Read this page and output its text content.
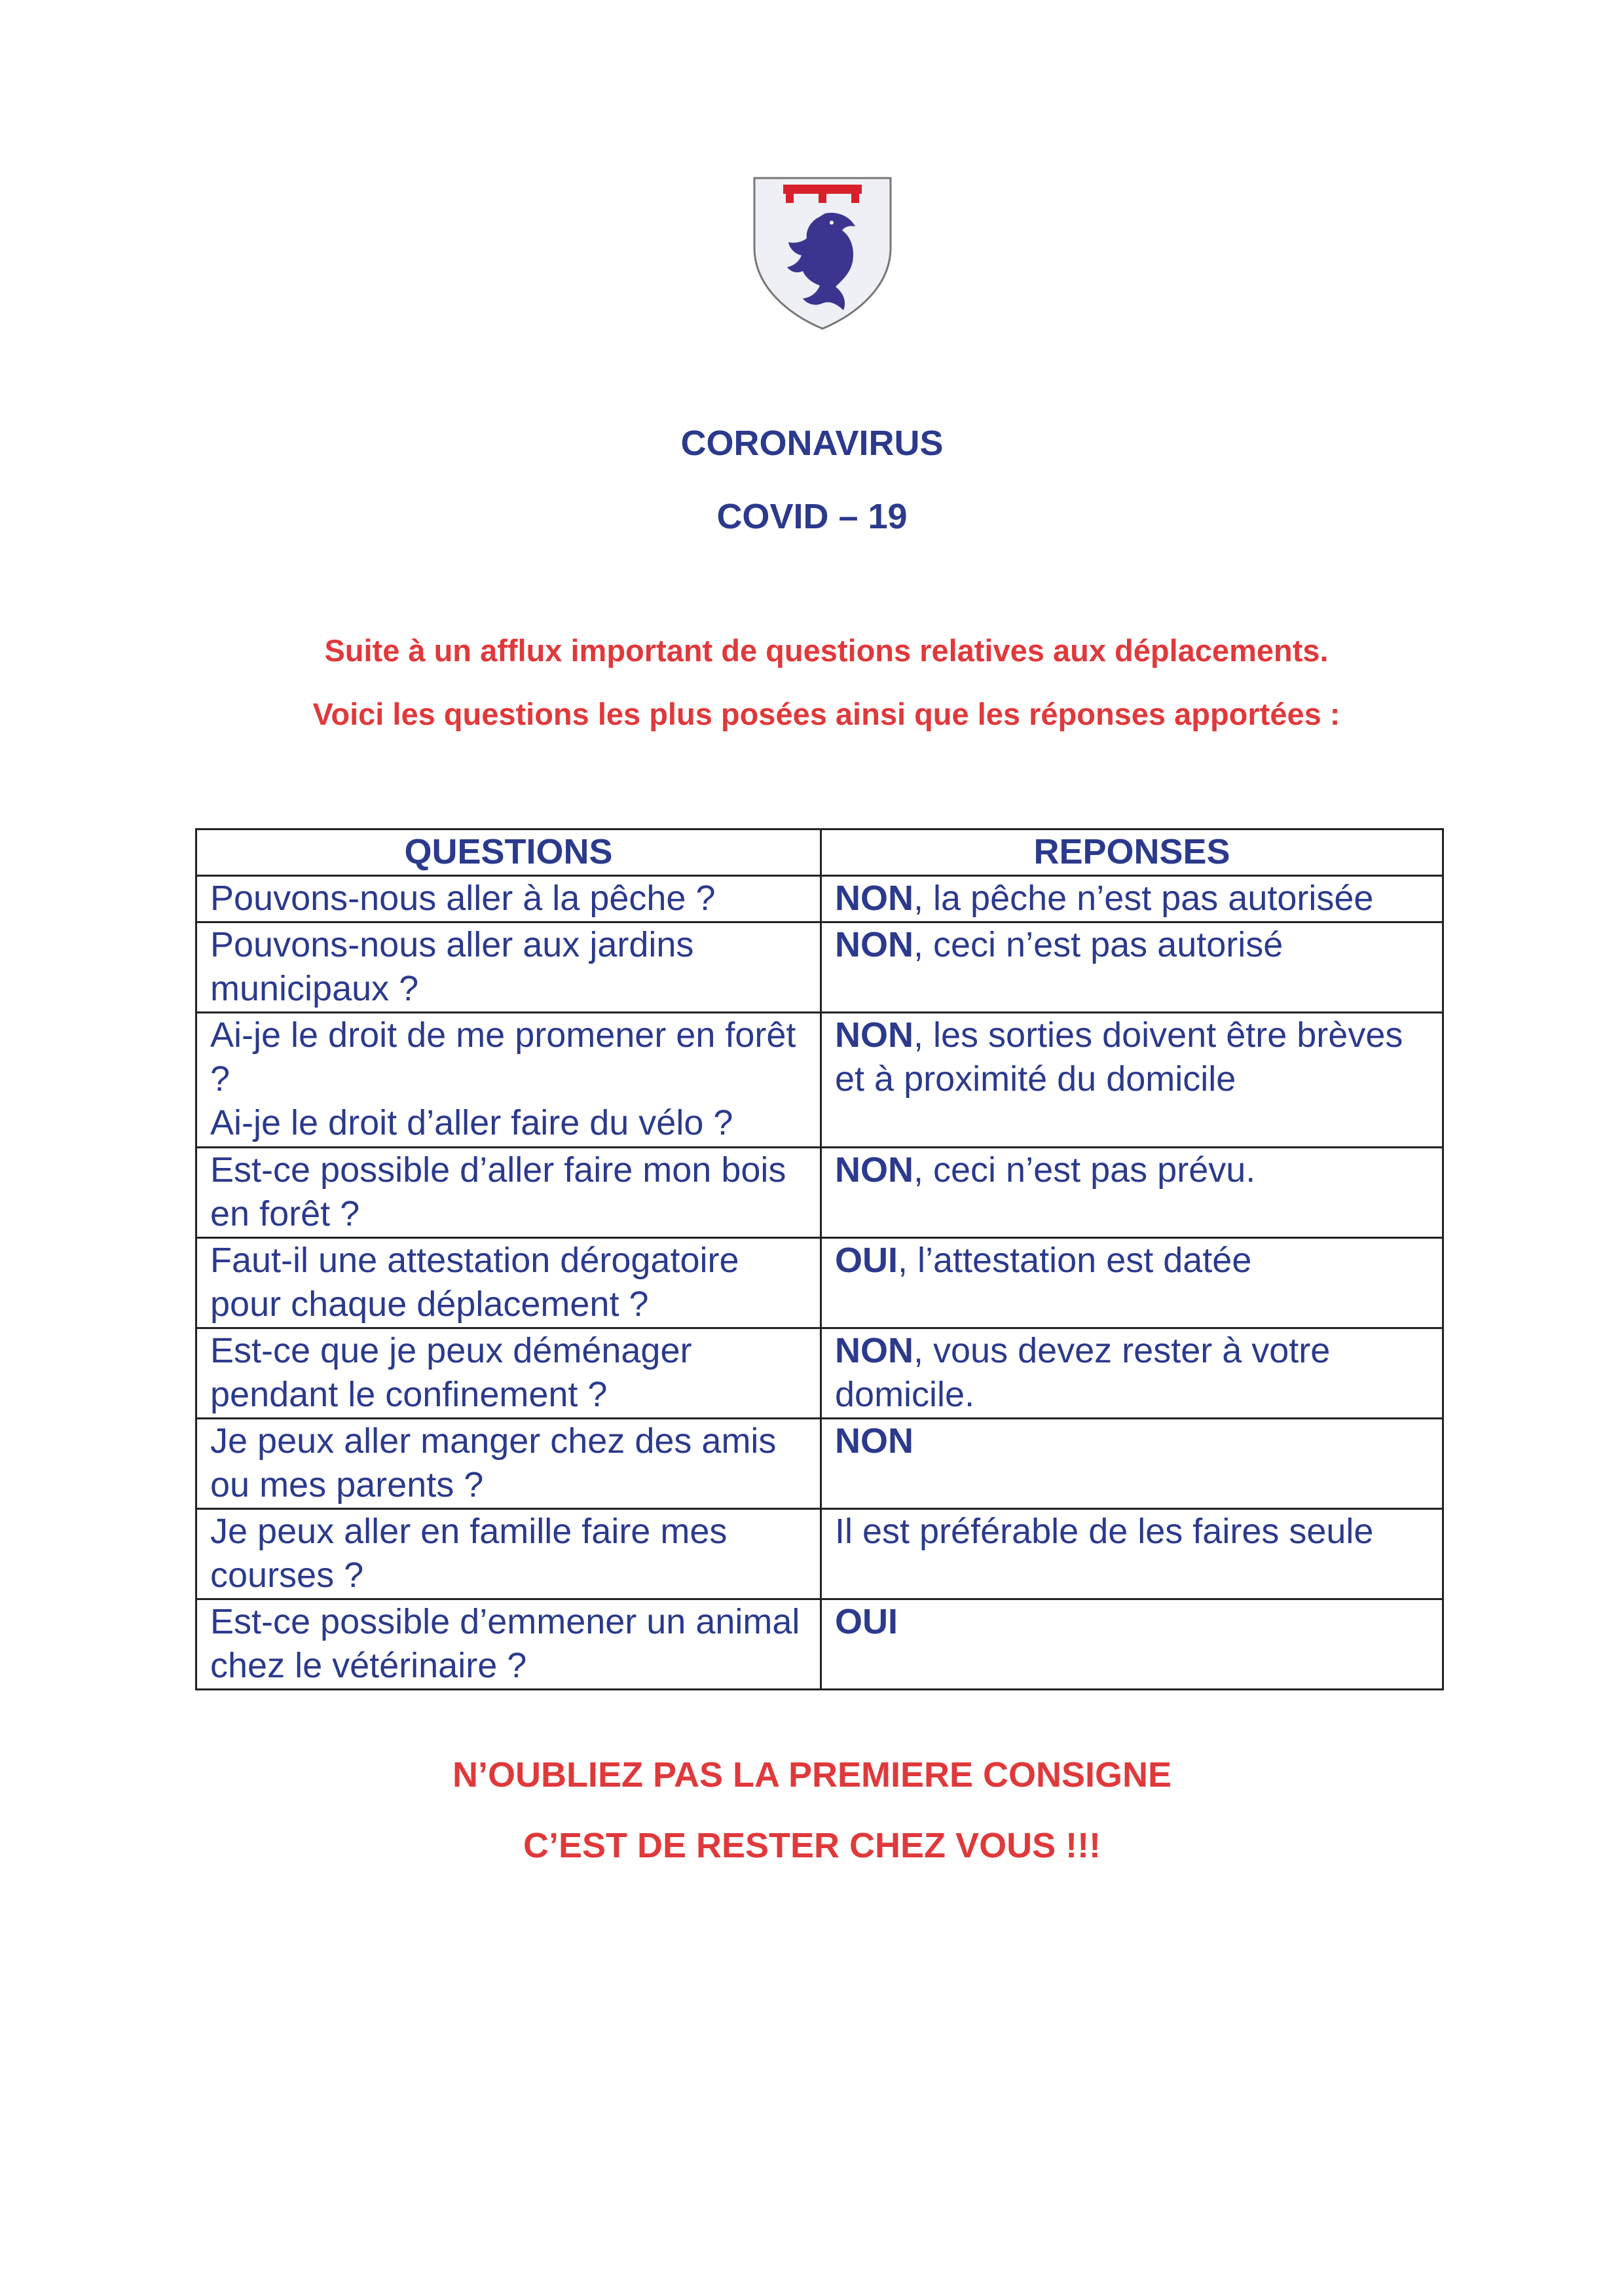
CORONAVIRUS
COVID – 19
Suite à un afflux important de questions relatives aux déplacements.
Voici les questions les plus posées ainsi que les réponses apportées :
QUESTIONS	REPONSES
Pouvons-nous aller à la pêche ?	NON, la pêche n’est pas autorisée
Pouvons-nous aller aux jardins municipaux ?	NON, ceci n’est pas autorisé

Ai-je le droit de me promener en forêt ?
Ai-je le droit d’aller faire du vélo ?	NON, les sorties doivent être brèves et à proximité du domicile
Est-ce possible d’aller faire mon bois en forêt ?	NON, ceci n’est pas prévu.
Faut-il une attestation dérogatoire pour chaque déplacement ?	OUI, l’attestation est datée
Est-ce que je peux déménager pendant le confinement ?	NON, vous devez rester à votre domicile.
Je peux aller manger chez des amis ou mes parents ?	NON
Je peux aller en famille faire mes courses ?	Il est préférable de les faires seule
Est-ce possible d’emmener un animal chez le vétérinaire ?	OUI
N’OUBLIEZ PAS LA PREMIERE CONSIGNE
C’EST DE RESTER CHEZ VOUS !!!
